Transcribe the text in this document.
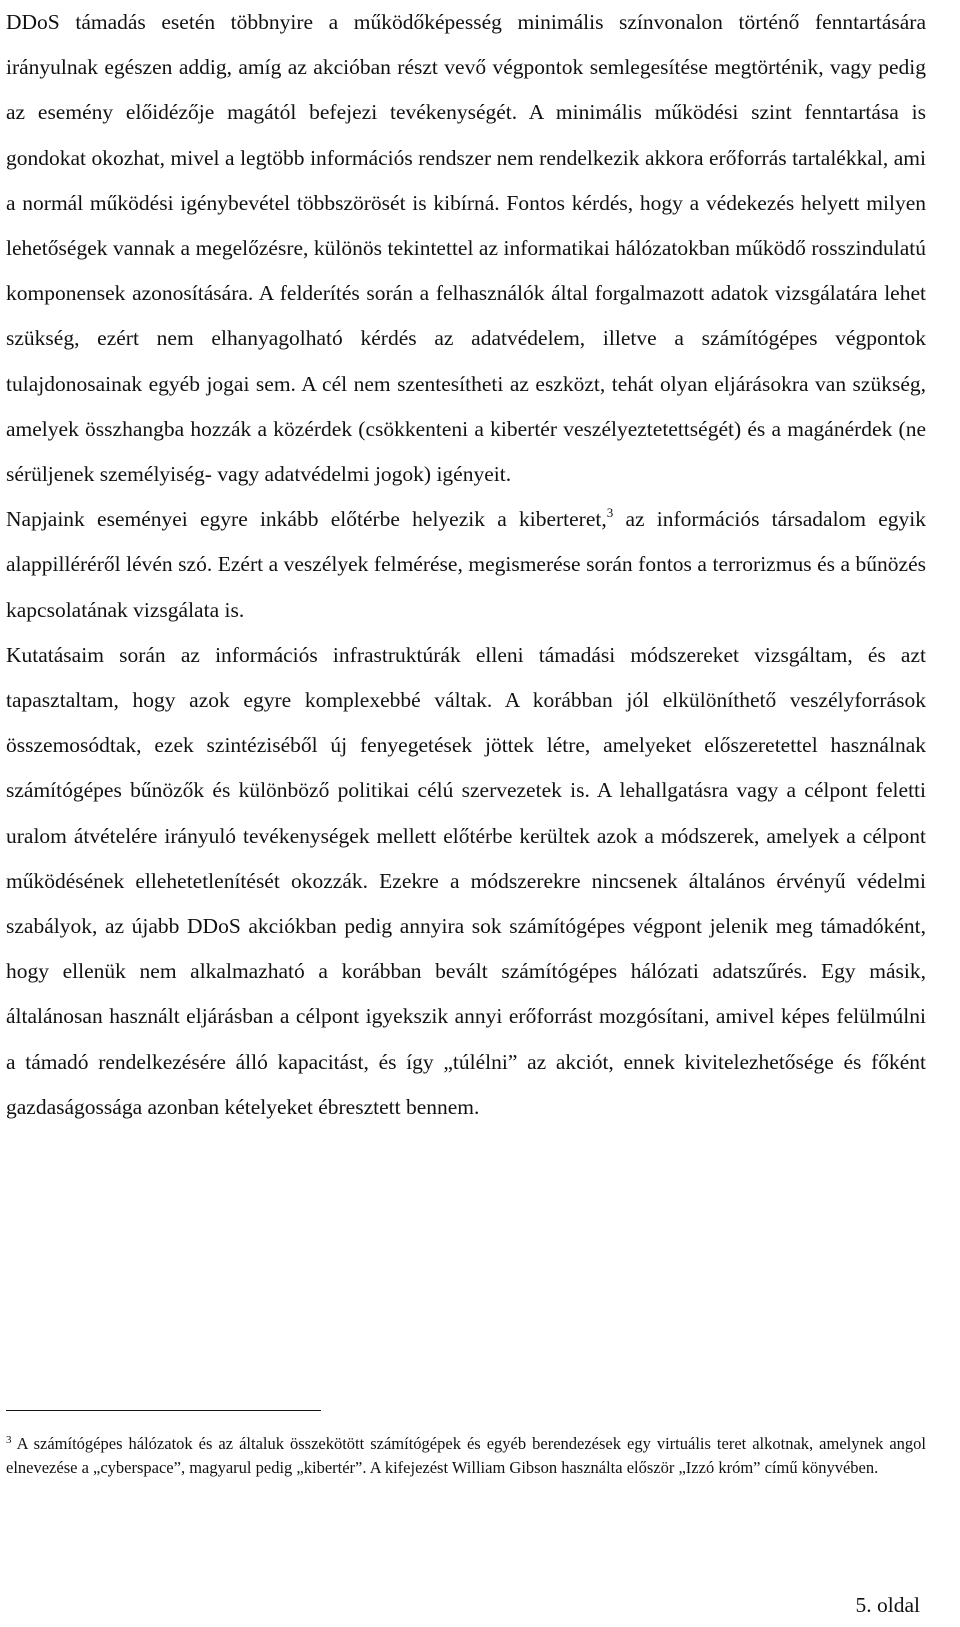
DDoS támadás esetén többnyire a működőképesség minimális színvonalon történő fenntartására irányulnak egészen addig, amíg az akcióban részt vevő végpontok semlegesítése megtörténik, vagy pedig az esemény előidézője magától befejezi tevékenységét. A minimális működési szint fenntartása is gondokat okozhat, mivel a legtöbb információs rendszer nem rendelkezik akkora erőforrás tartalékkal, ami a normál működési igénybevétel többszörösét is kibírná. Fontos kérdés, hogy a védekezés helyett milyen lehetőségek vannak a megelőzésre, különös tekintettel az informatikai hálózatokban működő rosszindulatú komponensek azonosítására. A felderítés során a felhasználók által forgalmazott adatok vizsgálatára lehet szükség, ezért nem elhanyagolható kérdés az adatvédelem, illetve a számítógépes végpontok tulajdonosainak egyéb jogai sem. A cél nem szentesítheti az eszközt, tehát olyan eljárásokra van szükség, amelyek összhangba hozzák a közérdek (csökkenteni a kibertér veszélyeztetettségét) és a magánérdek (ne sérüljenek személyiség- vagy adatvédelmi jogok) igényeit.

Napjaink eseményei egyre inkább előtérbe helyezik a kiberteret,$^3$ az információs társadalom egyik alappilléréről lévén szó. Ezért a veszélyek felmérése, megismerése során fontos a terrorizmus és a bűnözés kapcsolatának vizsgálata is.

Kutatásaim során az információs infrastruktúrák elleni támadási módszereket vizsgáltam, és azt tapasztaltam, hogy azok egyre komplexebbé váltak. A korábban jól elkülöníthető veszélyforrások összemosódtak, ezek szintéziséből új fenyegetések jöttek létre, amelyeket előszeretettel használnak számítógépes bűnözők és különböző politikai célú szervezetek is. A lehallgatásra vagy a célpont feletti uralom átvételére irányuló tevékenységek mellett előtérbe kerültek azok a módszerek, amelyek a célpont működésének ellehetetlenítését okozzák. Ezekre a módszerekre nincsenek általános érvényű védelmi szabályok, az újabb DDoS akciókban pedig annyira sok számítógépes végpont jelenik meg támadóként, hogy ellenük nem alkalmazható a korábban bevált számítógépes hálózati adatszűrés. Egy másik, általánosan használt eljárásban a célpont igyekszik annyi erőforrást mozgósítani, amivel képes felülmúlni a támadó rendelkezésére álló kapacitást, és így „túlélni” az akciót, ennek kivitelezhetősége és főként gazdaságossága azonban kételyeket ébresztett bennem.

$^3$ A számítógépes hálózatok és az általuk összekötött számítógépek és egyéb berendezések egy virtuális teret alkotnak, amelynek angol elnevezése a „cyberspace”, magyarul pedig „kibertér”. A kifejezést William Gibson használta először „Izzó króm” című könyvében.

5. oldal
